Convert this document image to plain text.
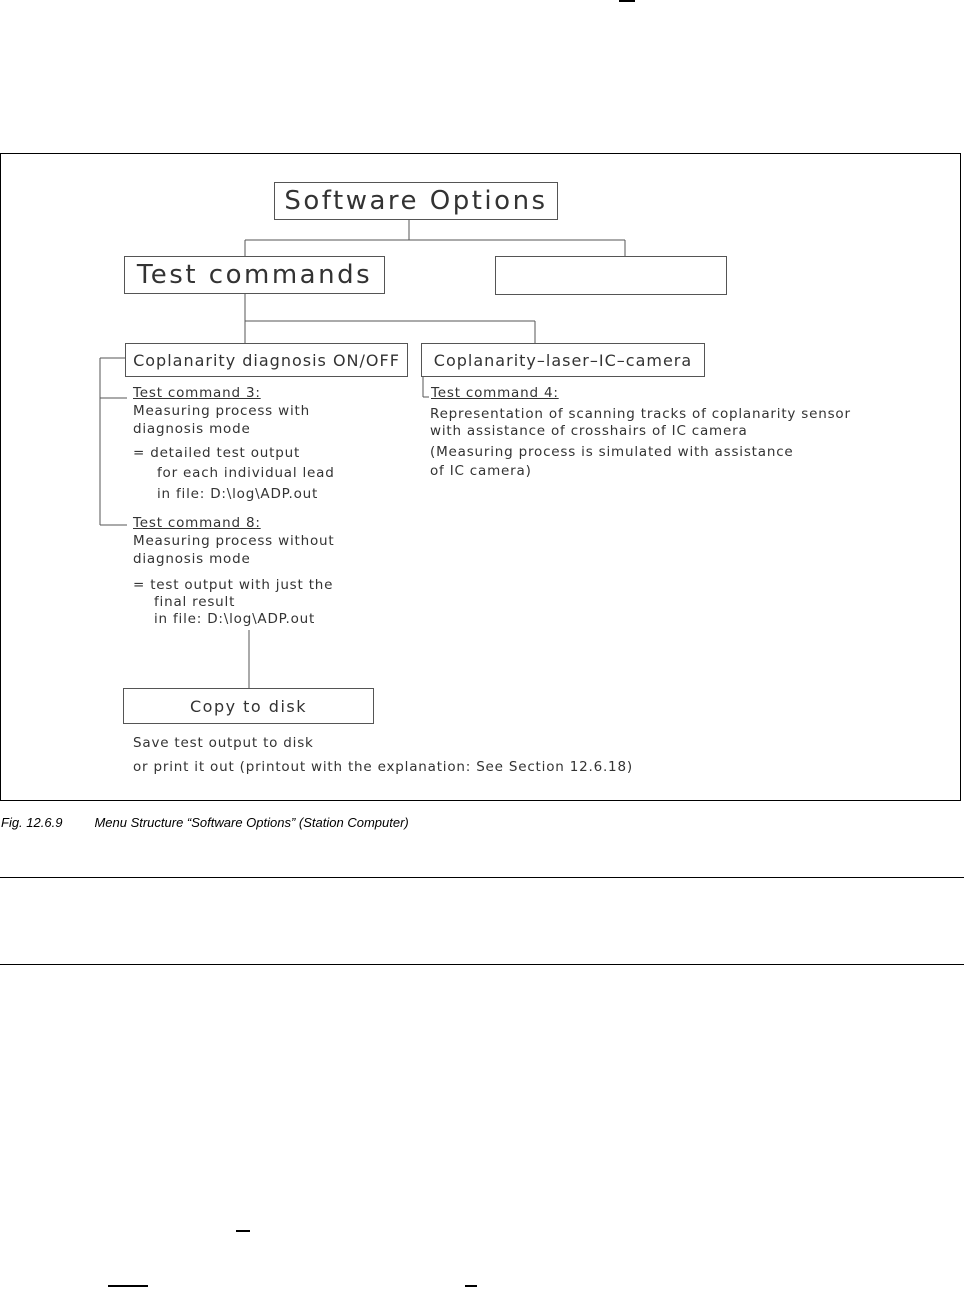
Software Options
Test commands
Coplanarity diagnosis ON/OFF	Coplanarity–laser–IC–camera
Test command 3:
Measuring process with
diagnosis mode
= detailed test output
for each individual lead
in file: D:\log\ADP.out
Test command 8:
Measuring process without
diagnosis mode
= test output with just the
final result
in file: D:\log\ADP.out
Test command 4:
Representation of scanning tracks of coplanarity sensor
with assistance of crosshairs of IC camera
(Measuring process is simulated with assistance
of IC camera)
Copy to disk
Save test output to disk
or print it out (printout with the explanation: See Section 12.6.18)
Fig. 12.6.9 Menu Structure “Software Options” (Station Computer)
